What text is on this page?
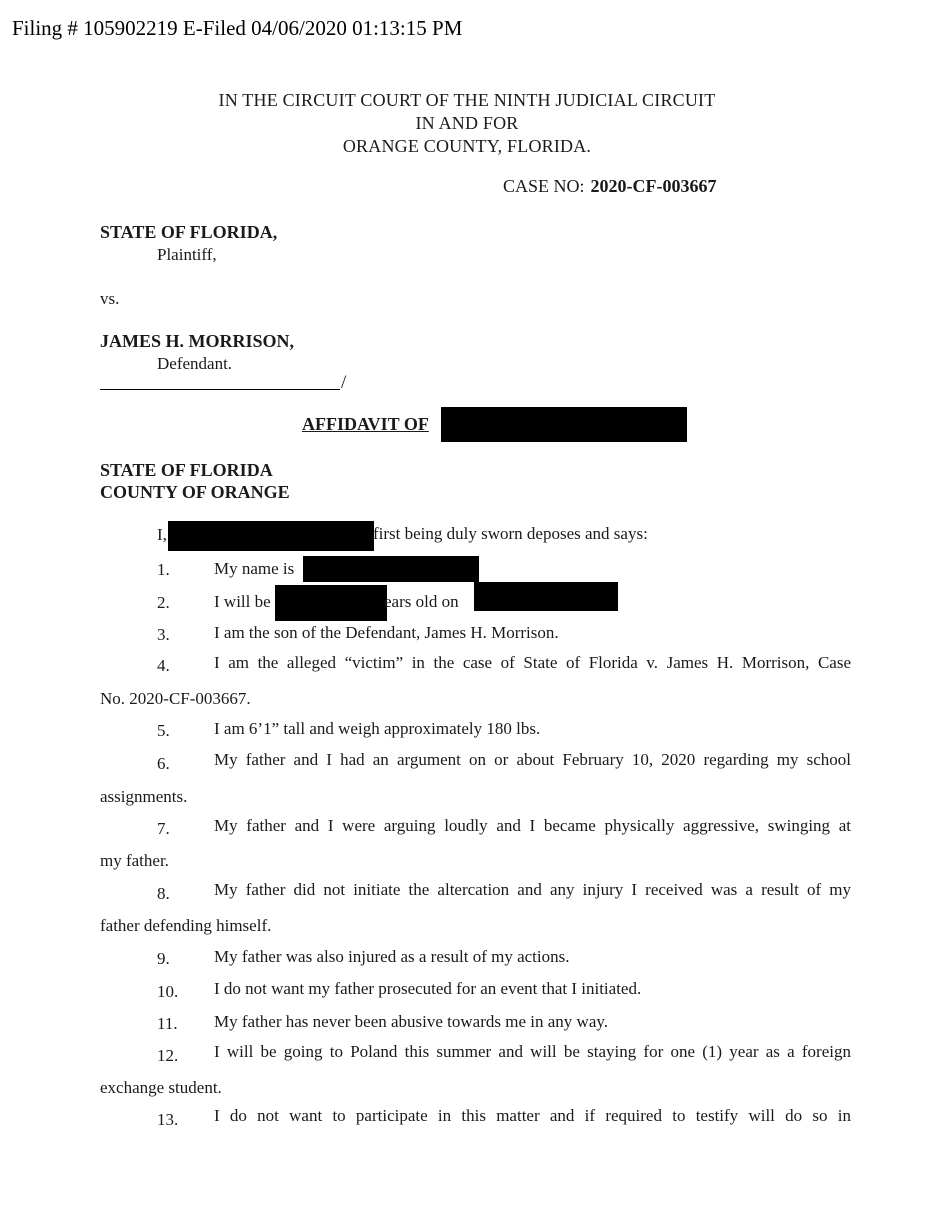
Filing # 105902219 E-Filed 04/06/2020 01:13:15 PM
IN THE CIRCUIT COURT OF THE NINTH JUDICIAL CIRCUIT
IN AND FOR
ORANGE COUNTY, FLORIDA.
CASE NO: 2020-CF-003667
STATE OF FLORIDA,
Plaintiff,
vs.
JAMES H. MORRISON,
Defendant.
/
AFFIDAVIT OF
STATE OF FLORIDA
COUNTY OF ORANGE
I,	first being duly sworn deposes and says:
1.	My name is
2.	I will be	ears old on
3.	I am the son of the Defendant, James H. Morrison.
4.	I am the alleged “victim” in the case of State of Florida v. James H. Morrison, Case
No. 2020-CF-003667.
5.	I am 6’1” tall and weigh approximately 180 lbs.
6.	My father and I had an argument on or about February 10, 2020 regarding my school
assignments.
7.	My father and I were arguing loudly and I became physically aggressive, swinging at
my father.
8.	My father did not initiate the altercation and any injury I received was a result of my
father defending himself.
9.	My father was also injured as a result of my actions.
10. I do not want my father prosecuted for an event that I initiated.
11. My father has never been abusive towards me in any way.
12. I will be going to Poland this summer and will be staying for one (1) year as a foreign
exchange student.
13. I do not want to participate in this matter and if required to testify will do so in
